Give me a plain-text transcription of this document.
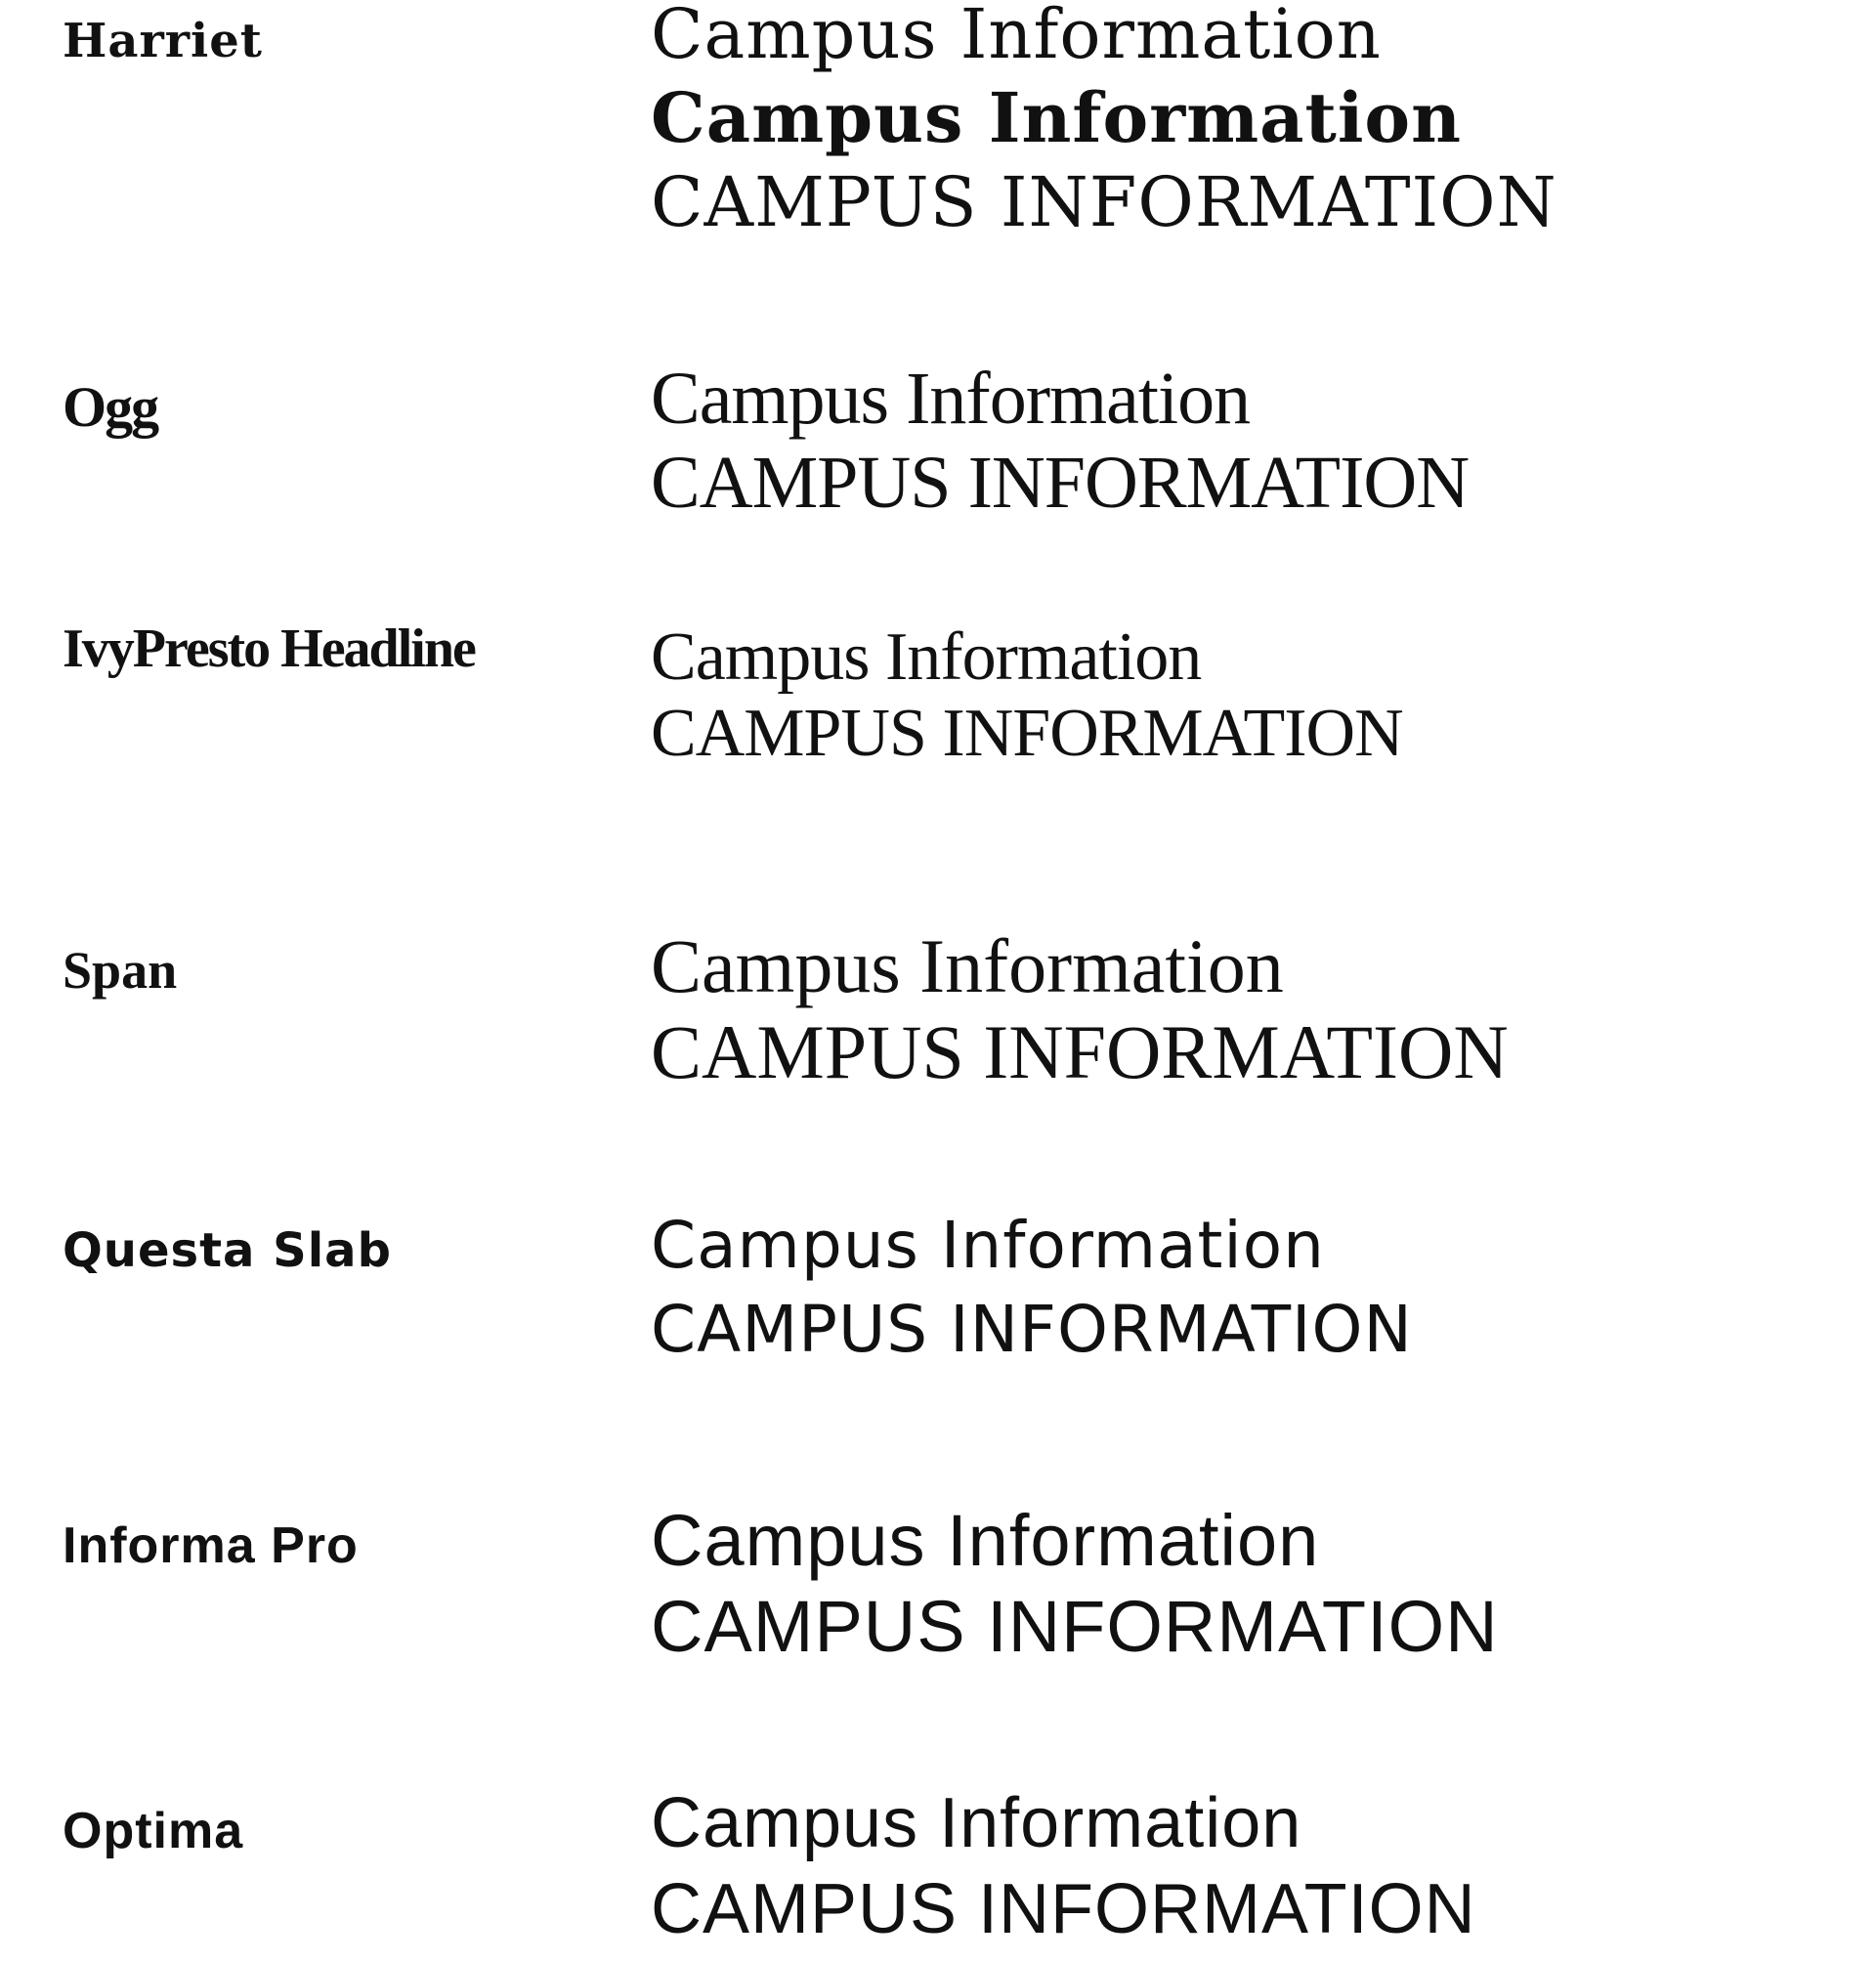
Harriet	Campus Information
Campus Information
CAMPUS INFORMATION
Ogg	Campus Information
CAMPUS INFORMATION
IvyPresto Headline	Campus Information
CAMPUS INFORMATION
Span	Campus Information
CAMPUS INFORMATION
Questa Slab	Campus Information
CAMPUS INFORMATION
Informa Pro	Campus Information
CAMPUS INFORMATION
Optima	Campus Information
CAMPUS INFORMATION
